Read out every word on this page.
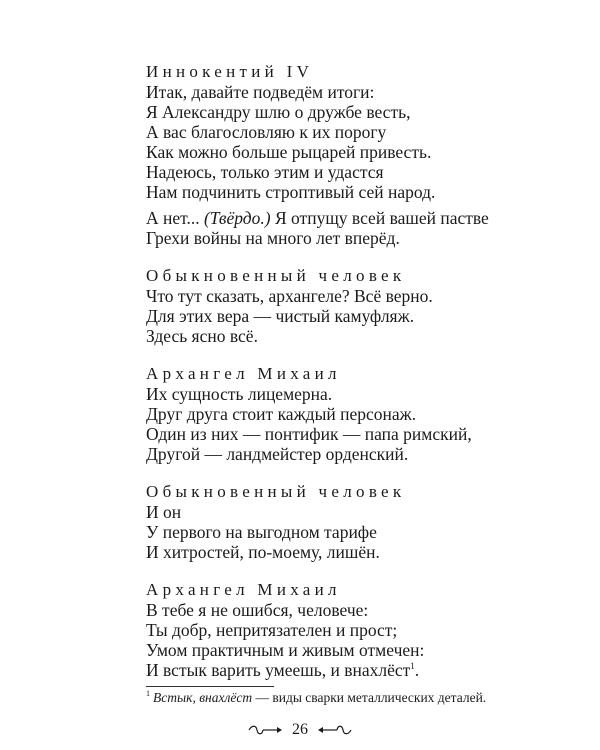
Иннокентий IV
Итак, давайте подведём итоги:
Я Александру шлю о дружбе весть,
А вас благословляю к их порогу
Как можно больше рыцарей привесть.
Надеюсь, только этим и удастся
Нам подчинить строптивый сей народ.
А нет... (Твёрдо.) Я отпущу всей вашей пастве
Грехи войны на много лет вперёд.
Обыкновенный человек
Что тут сказать, архангеле? Всё верно.
Для этих вера — чистый камуфляж.
Здесь ясно всё.
Архангел Михаил
Их сущность лицемерна.
Друг друга стоит каждый персонаж.
Один из них — понтифик — папа римский,
Другой — ландмейстер орденский.
Обыкновенный человек
И он
У первого на выгодном тарифе
И хитростей, по-моему, лишён.
Архангел Михаил
В тебе я не ошибся, человече:
Ты добр, непритязателен и прост;
Умом практичным и живым отмечен:
И встык варить умеешь, и внахлёст$^1$.
$^1$ Встык, внахлёст — виды сварки металлических деталей.
26
